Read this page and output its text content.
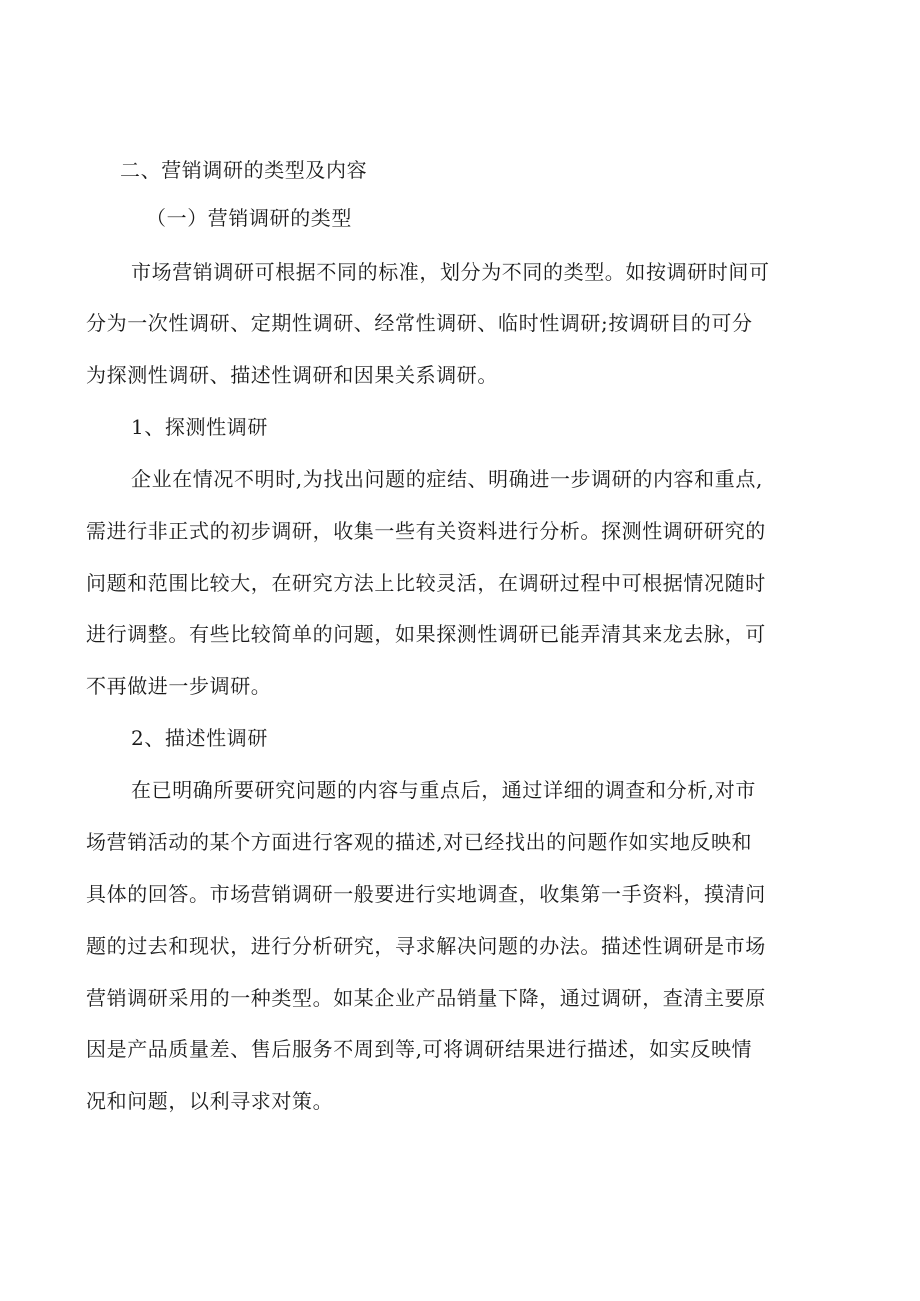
二、营销调研的类型及内容
（一）营销调研的类型
市场营销调研可根据不同的标准，划分为不同的类型。如按调研时间可
分为一次性调研、定期性调研、经常性调研、临时性调研;按调研目的可分
为探测性调研、描述性调研和因果关系调研。
1、探测性调研
企业在情况不明时,为找出问题的症结、明确进一步调研的内容和重点,
需进行非正式的初步调研，收集一些有关资料进行分析。探测性调研研究的
问题和范围比较大，在研究方法上比较灵活，在调研过程中可根据情况随时
进行调整。有些比较简单的问题，如果探测性调研已能弄清其来龙去脉，可
不再做进一步调研。
2、描述性调研
在已明确所要研究问题的内容与重点后，通过详细的调查和分析,对市
场营销活动的某个方面进行客观的描述,对已经找出的问题作如实地反映和
具体的回答。市场营销调研一般要进行实地调查，收集第一手资料，摸清问
题的过去和现状，进行分析研究，寻求解决问题的办法。描述性调研是市场
营销调研采用的一种类型。如某企业产品销量下降，通过调研，查清主要原
因是产品质量差、售后服务不周到等,可将调研结果进行描述，如实反映情
况和问题，以利寻求对策。
